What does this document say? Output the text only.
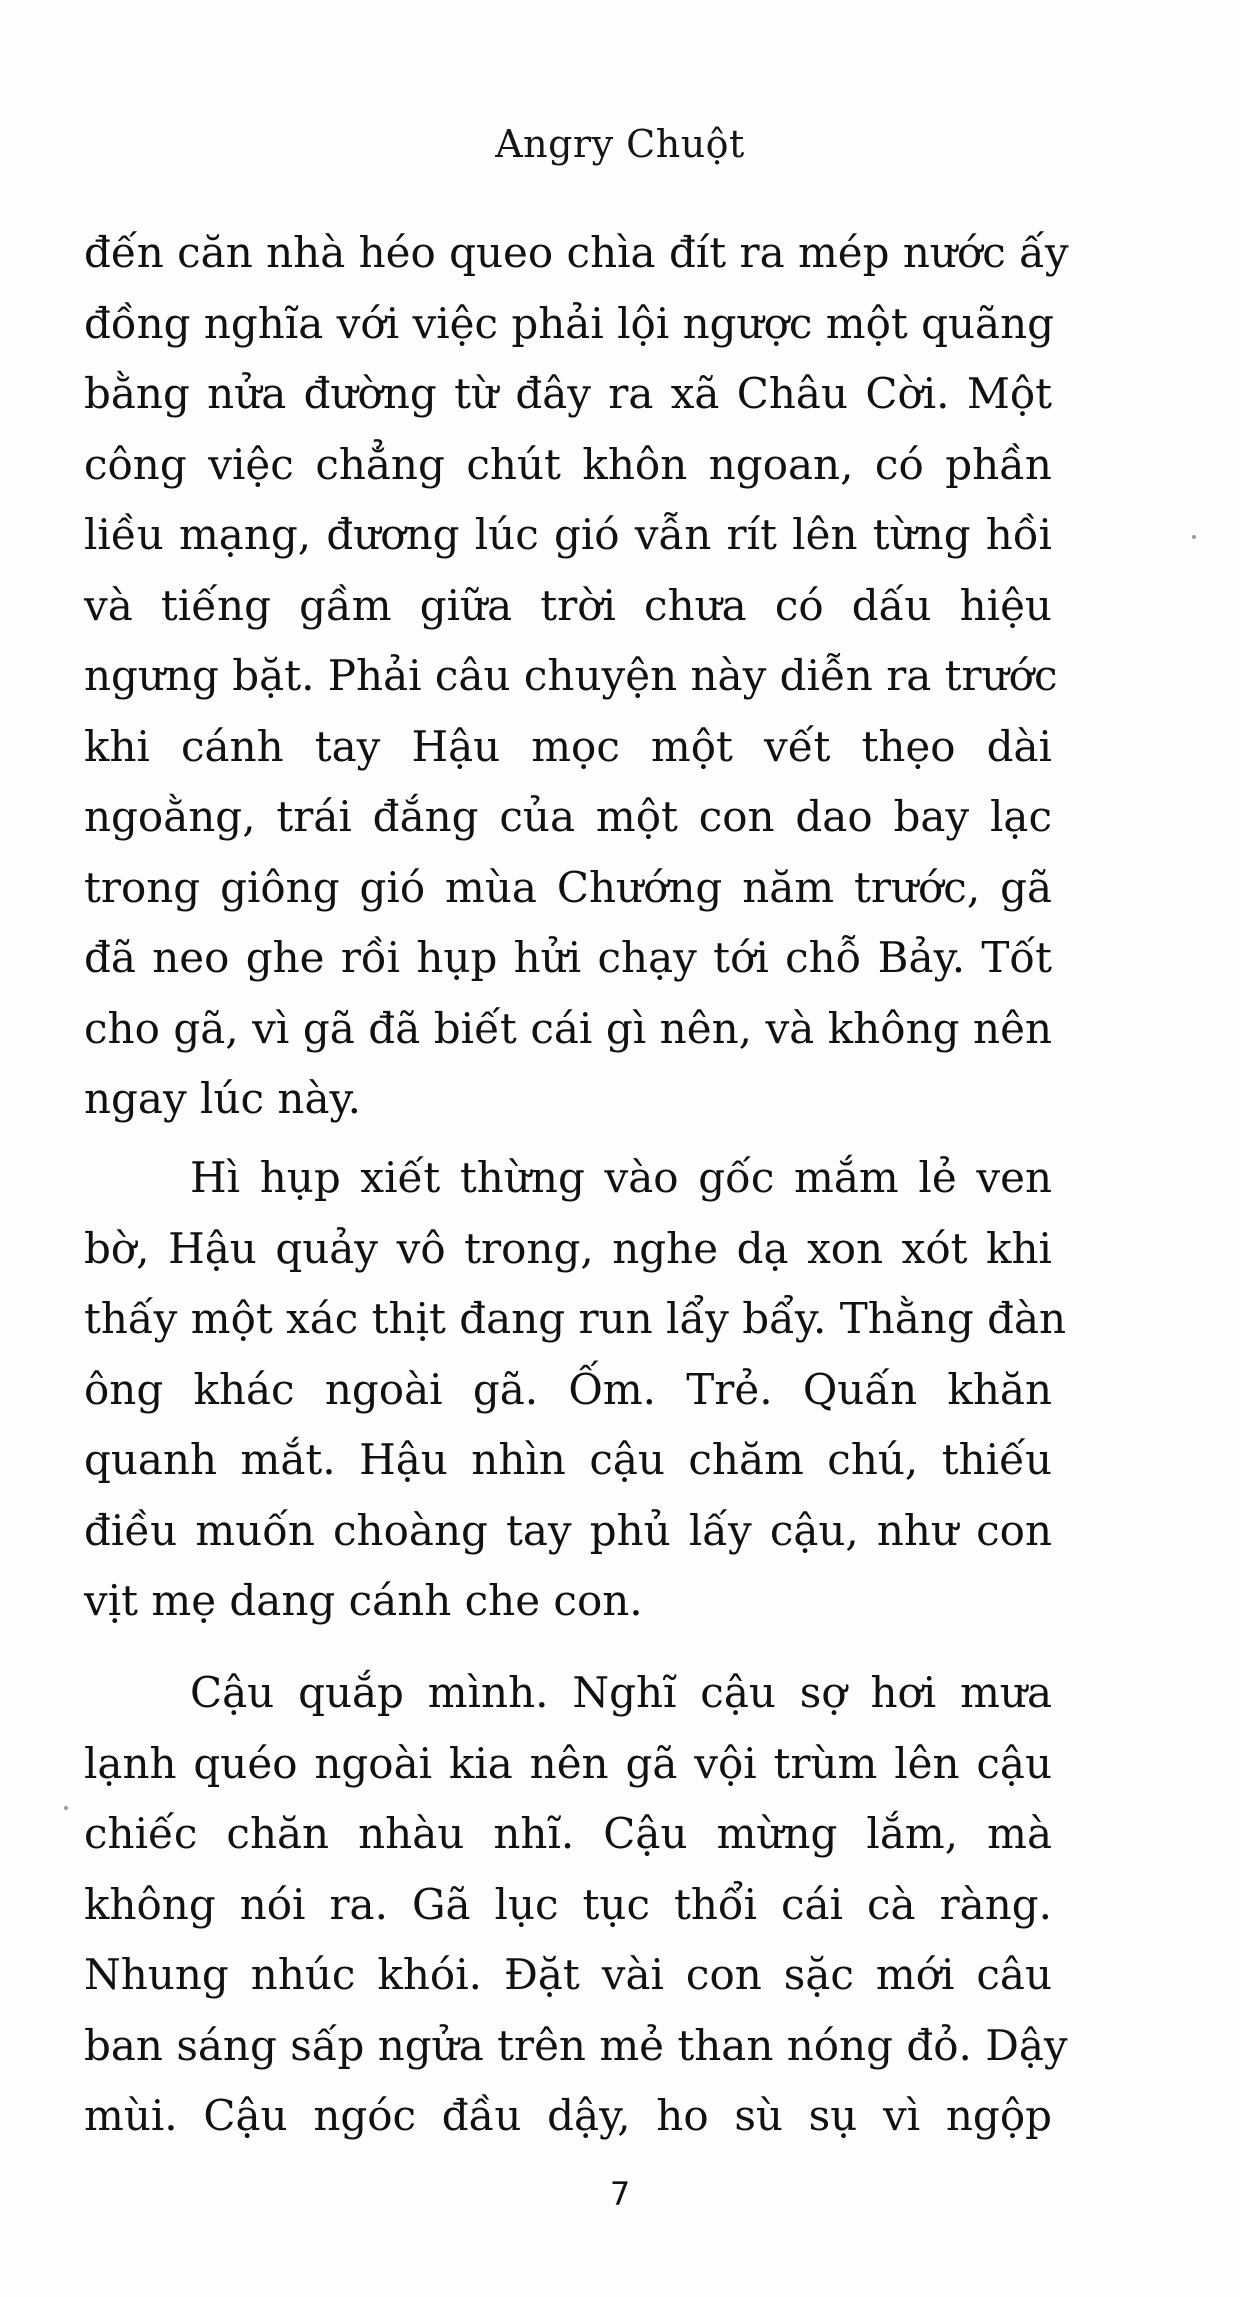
Angry Chuột
đến căn nhà héo queo chìa đít ra mép nước ấy
đồng nghĩa với việc phải lội ngược một quãng
bằng nửa đường từ đây ra xã Châu Cời. Một
công việc chẳng chút khôn ngoan, có phần
liều mạng, đương lúc gió vẫn rít lên từng hồi
và tiếng gầm giữa trời chưa có dấu hiệu
ngưng bặt. Phải câu chuyện này diễn ra trước
khi cánh tay Hậu mọc một vết thẹo dài
ngoằng, trái đắng của một con dao bay lạc
trong giông gió mùa Chướng năm trước, gã
đã neo ghe rồi hụp hửi chạy tới chỗ Bảy. Tốt
cho gã, vì gã đã biết cái gì nên, và không nên
ngay lúc này.
Hì hụp xiết thừng vào gốc mắm lẻ ven
bờ, Hậu quảy vô trong, nghe dạ xon xót khi
thấy một xác thịt đang run lẩy bẩy. Thằng đàn
ông khác ngoài gã. Ốm. Trẻ. Quấn khăn
quanh mắt. Hậu nhìn cậu chăm chú, thiếu
điều muốn choàng tay phủ lấy cậu, như con
vịt mẹ dang cánh che con.
Cậu quắp mình. Nghĩ cậu sợ hơi mưa
lạnh quéo ngoài kia nên gã vội trùm lên cậu
chiếc chăn nhàu nhĩ. Cậu mừng lắm, mà
không nói ra. Gã lục tục thổi cái cà ràng.
Nhung nhúc khói. Đặt vài con sặc mới câu
ban sáng sấp ngửa trên mẻ than nóng đỏ. Dậy
mùi. Cậu ngóc đầu dậy, ho sù sụ vì ngộp
7
